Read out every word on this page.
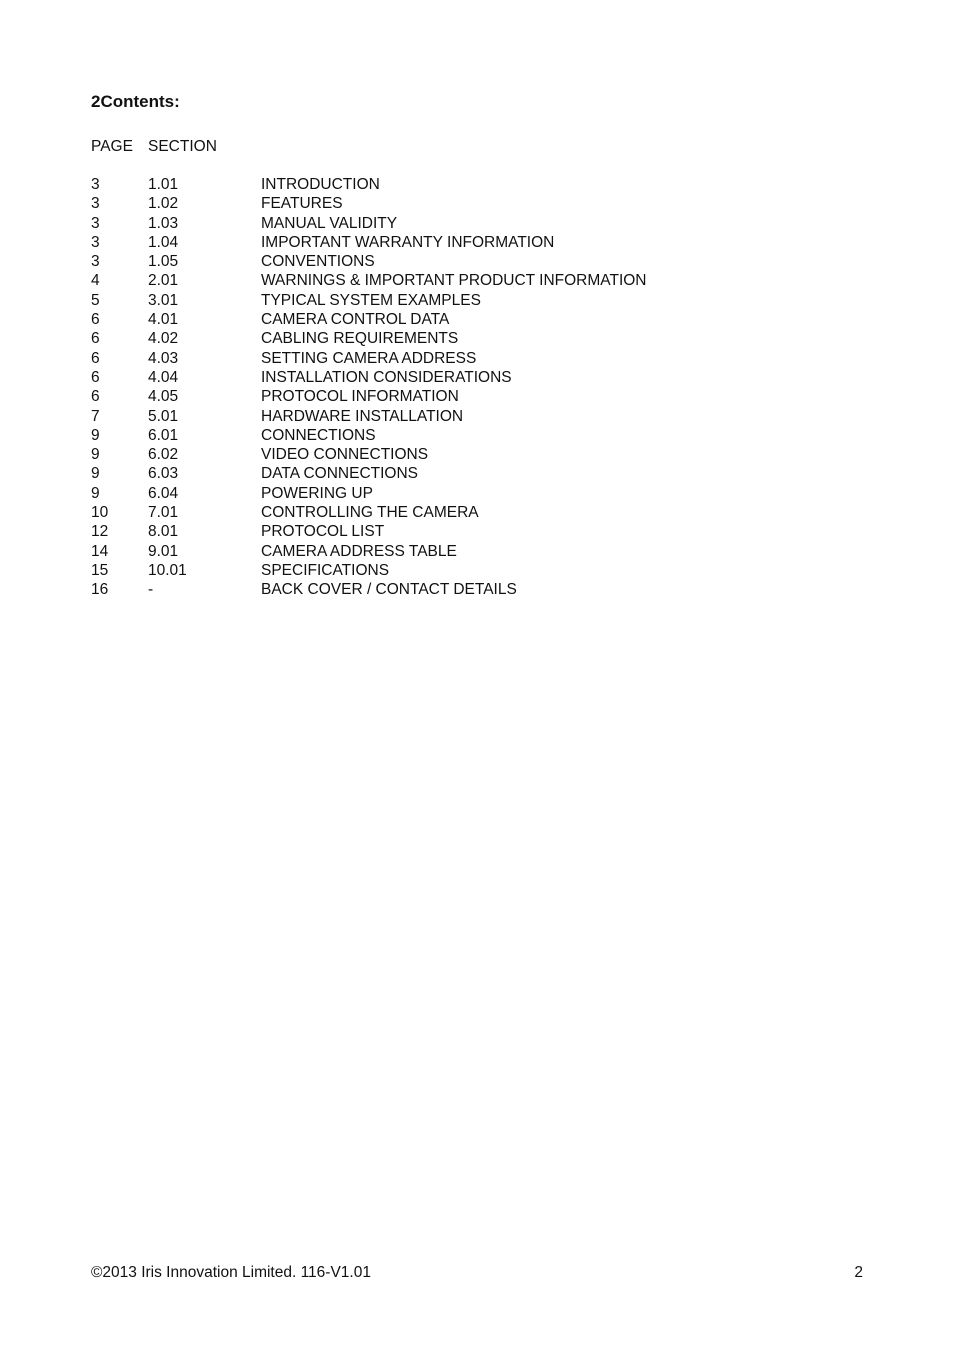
2Contents:
PAGE SECTION
3	1.01	INTRODUCTION
3	1.02	FEATURES
3	1.03	MANUAL VALIDITY
3	1.04	IMPORTANT WARRANTY INFORMATION
3	1.05	CONVENTIONS
4	2.01	WARNINGS & IMPORTANT PRODUCT INFORMATION
5	3.01	TYPICAL SYSTEM EXAMPLES
6	4.01	CAMERA CONTROL DATA
6	4.02	CABLING REQUIREMENTS
6	4.03	SETTING CAMERA ADDRESS
6	4.04	INSTALLATION CONSIDERATIONS
6	4.05	PROTOCOL INFORMATION
7	5.01	HARDWARE INSTALLATION
9	6.01	CONNECTIONS
9	6.02	VIDEO CONNECTIONS
9	6.03	DATA CONNECTIONS
9	6.04	POWERING UP
10	7.01	CONTROLLING THE CAMERA
12	8.01	PROTOCOL LIST
14	9.01	CAMERA ADDRESS TABLE
15	10.01	SPECIFICATIONS
16	-	BACK COVER / CONTACT DETAILS
©2013 Iris Innovation Limited. 116-V1.01	2
